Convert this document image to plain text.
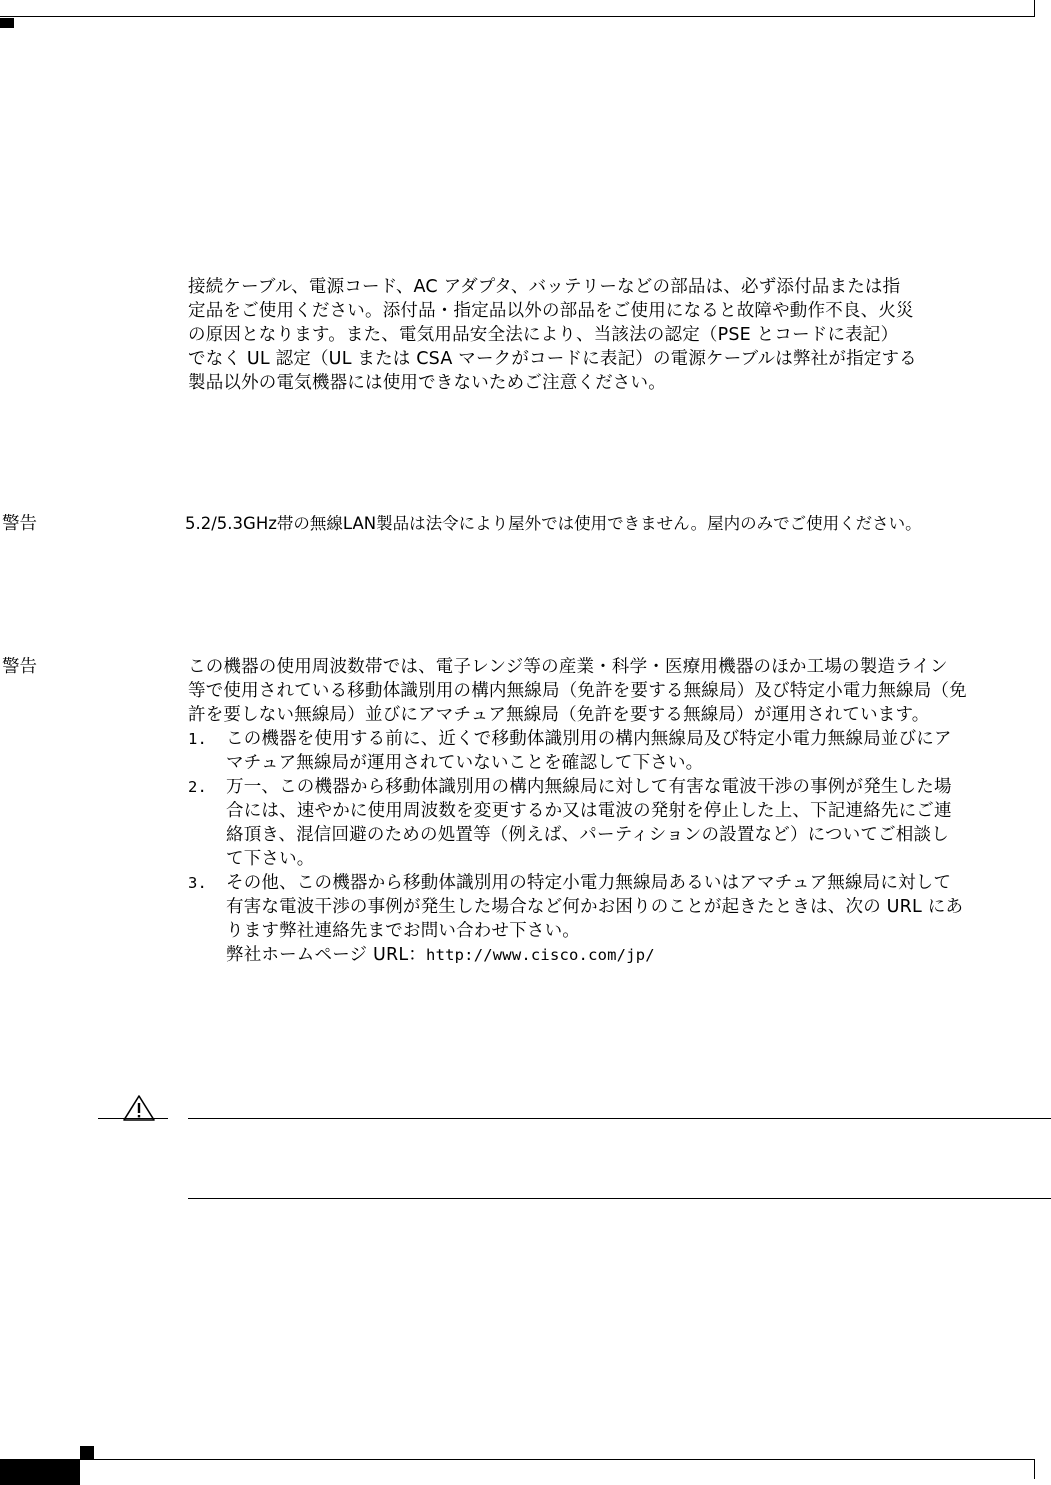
接続ケーブル、電源コード、AC アダプタ、バッテリーなどの部品は、必ず添付品または指
定品をご使用ください。添付品・指定品以外の部品をご使用になると故障や動作不良、火災
の原因となります。また、電気用品安全法により、当該法の認定（PSE とコードに表記）
でなく UL 認定（UL または CSA マークがコードに表記）の電源ケーブルは弊社が指定する
製品以外の電気機器には使用できないためご注意ください。
警告	5.2/5.3GHz帯の無線LAN製品は法令により屋外では使用できません。屋内のみでご使用ください。
警告	この機器の使用周波数帯では、電子レンジ等の産業・科学・医療用機器のほか工場の製造ライン
等で使用されている移動体識別用の構内無線局（免許を要する無線局）及び特定小電力無線局（免
許を要しない無線局）並びにアマチュア無線局（免許を要する無線局）が運用されています。
1. この機器を使用する前に、近くで移動体識別用の構内無線局及び特定小電力無線局並びにア
マチュア無線局が運用されていないことを確認して下さい。
2. 万一、この機器から移動体識別用の構内無線局に対して有害な電波干渉の事例が発生した場
合には、速やかに使用周波数を変更するか又は電波の発射を停止した上、下記連絡先にご連
絡頂き、混信回避のための処置等（例えば、パーティションの設置など）についてご相談し
て下さい。
3. その他、この機器から移動体識別用の特定小電力無線局あるいはアマチュア無線局に対して
有害な電波干渉の事例が発生した場合など何かお困りのことが起きたときは、次の URL にあ
ります弊社連絡先までお問い合わせ下さい。
弊社ホームページ URL：http://www.cisco.com/jp/
